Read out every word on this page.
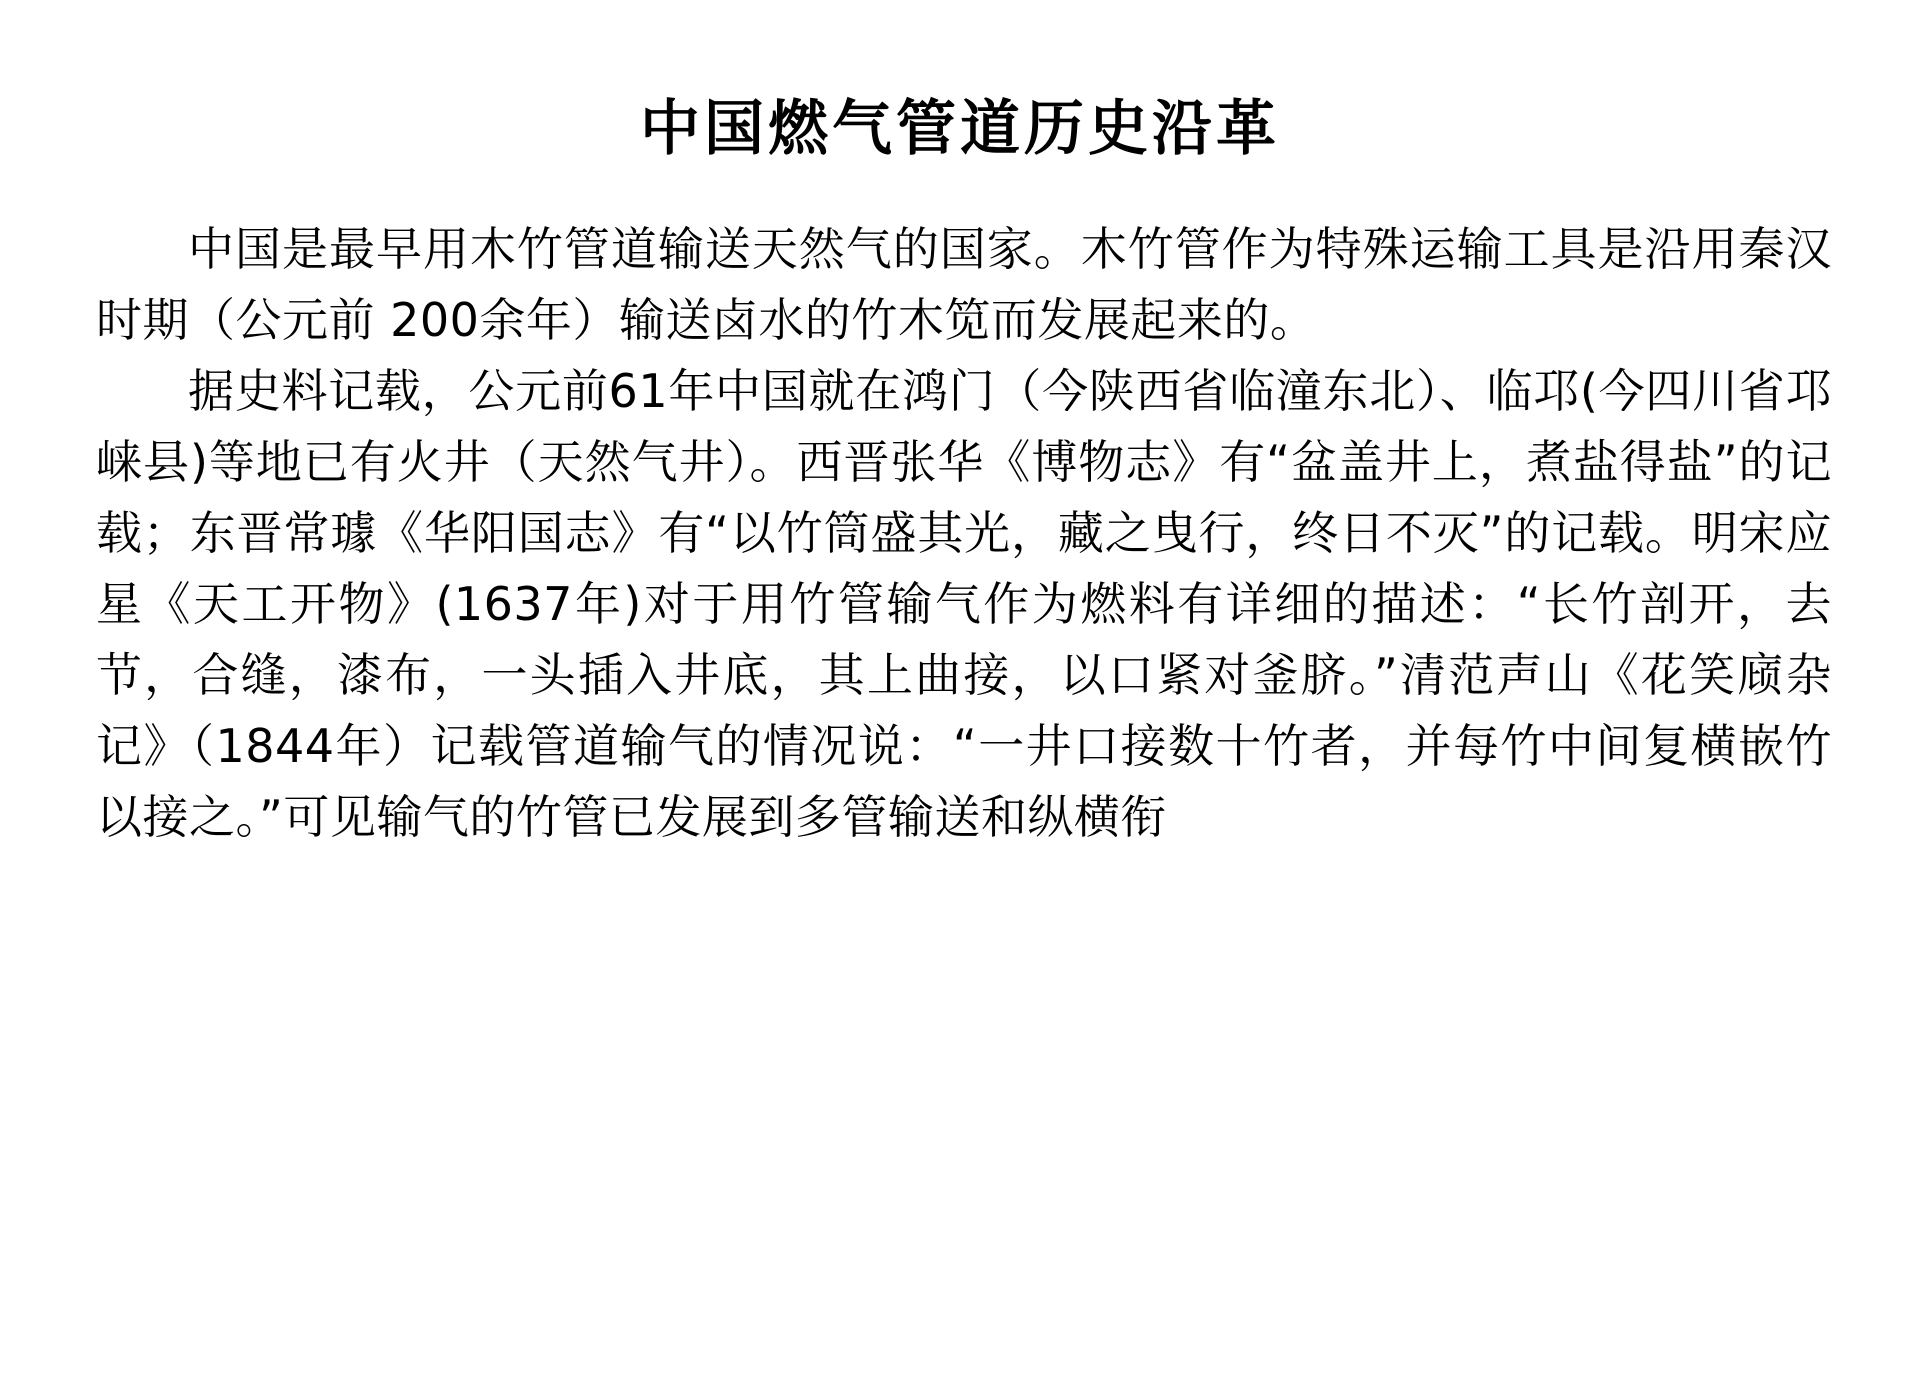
中国燃气管道历史沿革

中国是最早用木竹管道输送天然气的国家。木竹管作为特殊运输工具是沿用秦汉时期（公元前 200余年）输送卤水的竹木笕而发展起来的。

据史料记载，公元前61年中国就在鸿门（今陕西省临潼东北）、临邛(今四川省邛崃县)等地已有火井（天然气井）。西晋张华《博物志》有“盆盖井上，煮盐得盐”的记载；东晋常璩《华阳国志》有“以竹筒盛其光，藏之曳行，终日不灭”的记载。明宋应星《天工开物》(1637年)对于用竹管输气作为燃料有详细的描述：“长竹剖开，去节，合缝，漆布，一头插入井底，其上曲接，以口紧对釜脐。”清范声山《花笑庼杂记》（1844年）记载管道输气的情况说：“一井口接数十竹者，并每竹中间复横嵌竹以接之。”可见输气的竹管已发展到多管输送和纵横衔
